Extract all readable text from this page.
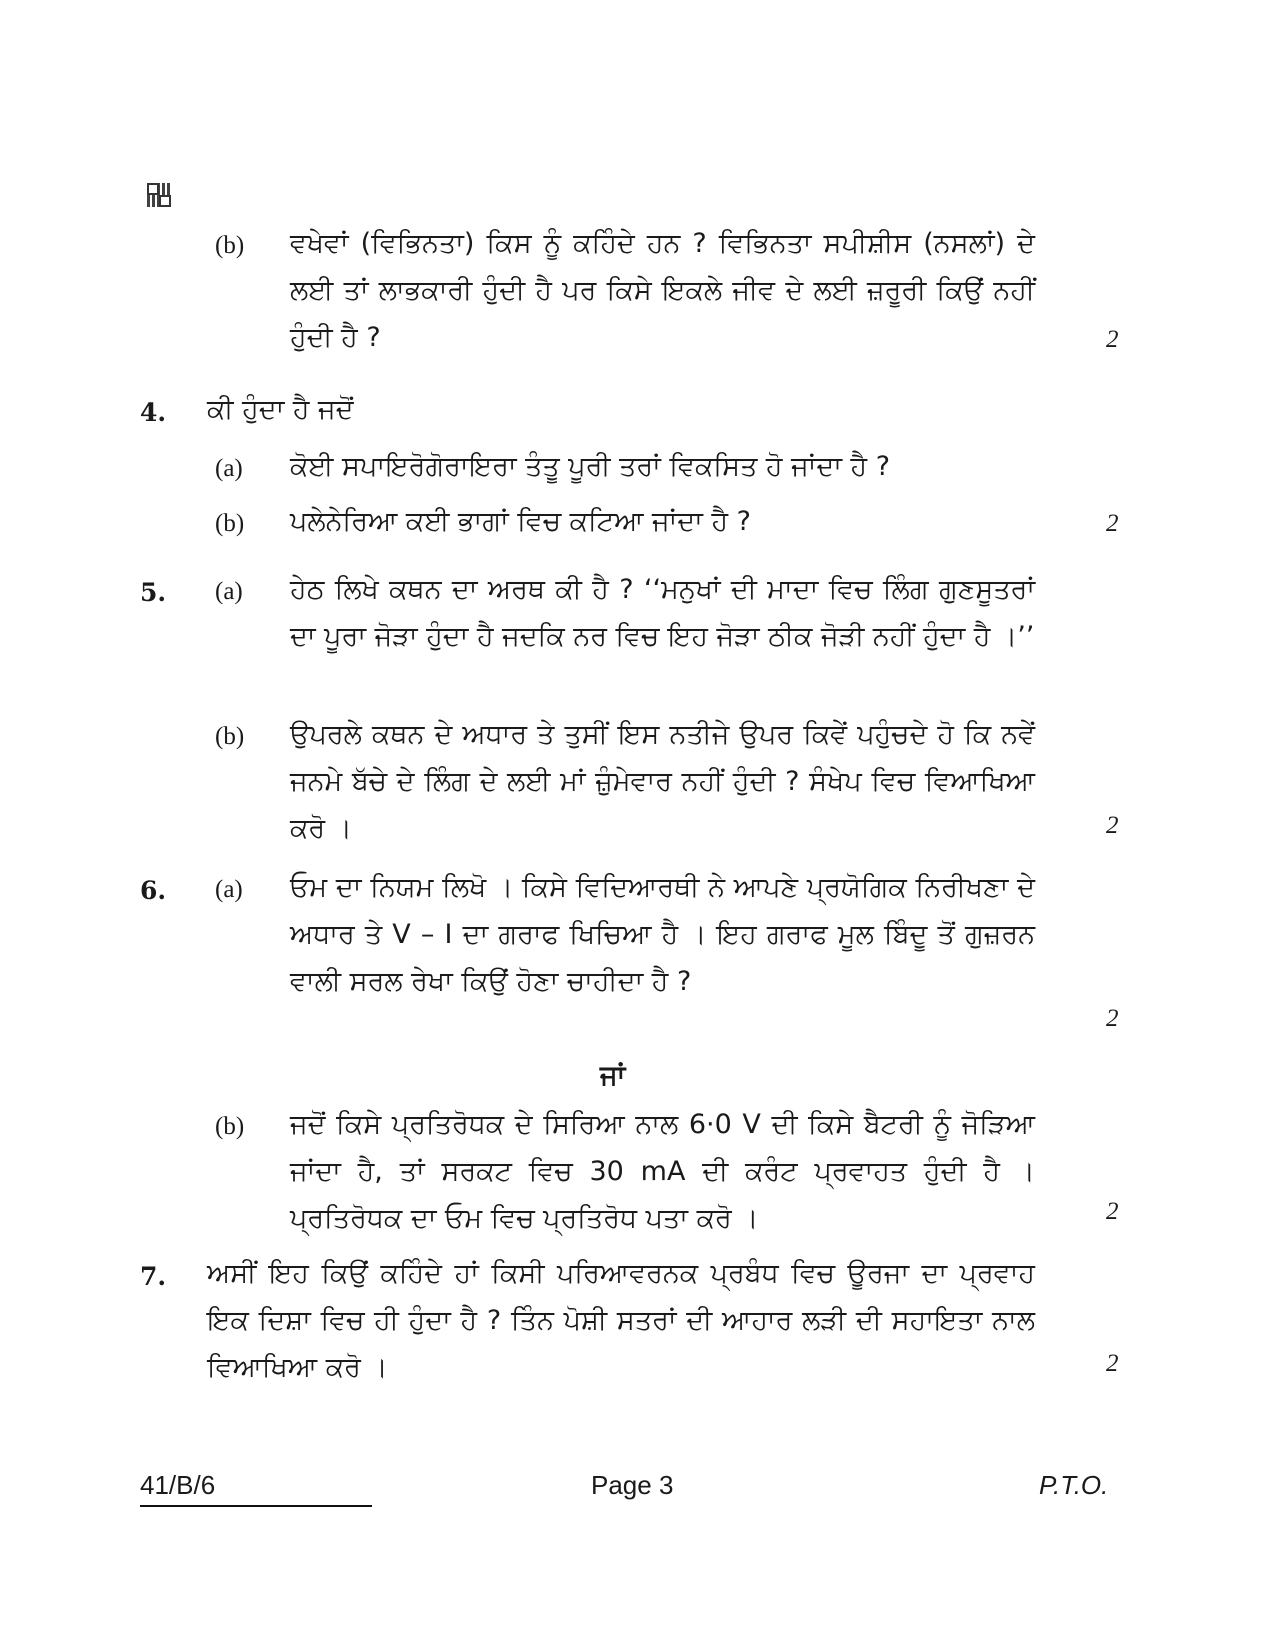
(b) ਵਖੇਵਾਂ (ਵਿਭਿਨਤਾ) ਕਿਸ ਨੂੰ ਕਹਿੰਦੇ ਹਨ ? ਵਿਭਿਨਤਾ ਸਪੀਸ਼ੀਸ (ਨਸਲਾਂ) ਦੇ ਲਈ ਤਾਂ ਲਾਭਕਾਰੀ ਹੁੰਦੀ ਹੈ ਪਰ ਕਿਸੇ ਇਕਲੇ ਜੀਵ ਦੇ ਲਈ ਜ਼ਰੂਰੀ ਕਿਉਂ ਨਹੀਂ ਹੁੰਦੀ ਹੈ ?	2
4. ਕੀ ਹੁੰਦਾ ਹੈ ਜਦੋਂ

(a) ਕੋਈ ਸਪਾਇਰੋਗੋਰਾਇਰਾ ਤੰਤੂ ਪੂਰੀ ਤਰਾਂ ਵਿਕਸਿਤ ਹੋ ਜਾਂਦਾ ਹੈ ?

(b) ਪਲੇਨੇਰਿਆ ਕਈ ਭਾਗਾਂ ਵਿਚ ਕਟਿਆ ਜਾਂਦਾ ਹੈ ?	2
5. (a) ਹੇਠ ਲਿਖੇ ਕਥਨ ਦਾ ਅਰਥ ਕੀ ਹੈ ? ‘‘ਮਨੁਖਾਂ ਦੀ ਮਾਦਾ ਵਿਚ ਲਿੰਗ ਗੁਣਸੂਤਰਾਂ ਦਾ ਪੂਰਾ ਜੋੜਾ ਹੁੰਦਾ ਹੈ ਜਦਕਿ ਨਰ ਵਿਚ ਇਹ ਜੋੜਾ ਠੀਕ ਜੋੜੀ ਨਹੀਂ ਹੁੰਦਾ ਹੈ ।’’

(b) ਉਪਰਲੇ ਕਥਨ ਦੇ ਅਧਾਰ ਤੇ ਤੁਸੀਂ ਇਸ ਨਤੀਜੇ ਉਪਰ ਕਿਵੇਂ ਪਹੁੰਚਦੇ ਹੋ ਕਿ ਨਵੇਂ ਜਨਮੇ ਬੱਚੇ ਦੇ ਲਿੰਗ ਦੇ ਲਈ ਮਾਂ ਜ਼ੁੰਮੇਵਾਰ ਨਹੀਂ ਹੁੰਦੀ ? ਸੰਖੇਪ ਵਿਚ ਵਿਆਖਿਆ ਕਰੋ ।	2
6. (a) ਓਮ ਦਾ ਨਿਯਮ ਲਿਖੋ । ਕਿਸੇ ਵਿਦਿਆਰਥੀ ਨੇ ਆਪਣੇ ਪ੍ਰਯੋਗਿਕ ਨਿਰੀਖਣਾ ਦੇ ਅਧਾਰ ਤੇ V – I ਦਾ ਗਰਾਫ ਖਿਚਿਆ ਹੈ । ਇਹ ਗਰਾਫ ਮੂਲ ਬਿੰਦੂ ਤੋਂ ਗੁਜ਼ਰਨ ਵਾਲੀ ਸਰਲ ਰੇਖਾ ਕਿਉਂ ਹੋਣਾ ਚਾਹੀਦਾ ਹੈ ?

2
ਜਾਂ
(b) ਜਦੋਂ ਕਿਸੇ ਪ੍ਰਤਿਰੋਧਕ ਦੇ ਸਿਰਿਆ ਨਾਲ 6·0 V ਦੀ ਕਿਸੇ ਬੈਟਰੀ ਨੂੰ ਜੋੜਿਆ ਜਾਂਦਾ ਹੈ, ਤਾਂ ਸਰਕਟ ਵਿਚ 30 mA ਦੀ ਕਰੰਟ ਪ੍ਰਵਾਹਤ ਹੁੰਦੀ ਹੈ । ਪ੍ਰਤਿਰੋਧਕ ਦਾ ਓਮ ਵਿਚ ਪ੍ਰਤਿਰੋਧ ਪਤਾ ਕਰੋ ।	2
7. ਅਸੀਂ ਇਹ ਕਿਉਂ ਕਹਿੰਦੇ ਹਾਂ ਕਿਸੀ ਪਰਿਆਵਰਨਕ ਪ੍ਰਬੰਧ ਵਿਚ ਊਰਜਾ ਦਾ ਪ੍ਰਵਾਹ ਇਕ ਦਿਸ਼ਾ ਵਿਚ ਹੀ ਹੁੰਦਾ ਹੈ ? ਤਿੰਨ ਪੋਸ਼ੀ ਸਤਰਾਂ ਦੀ ਆਹਾਰ ਲੜੀ ਦੀ ਸਹਾਇਤਾ ਨਾਲ ਵਿਆਖਿਆ ਕਰੋ ।	2
41/B/6	Page 3	P.T.O.
